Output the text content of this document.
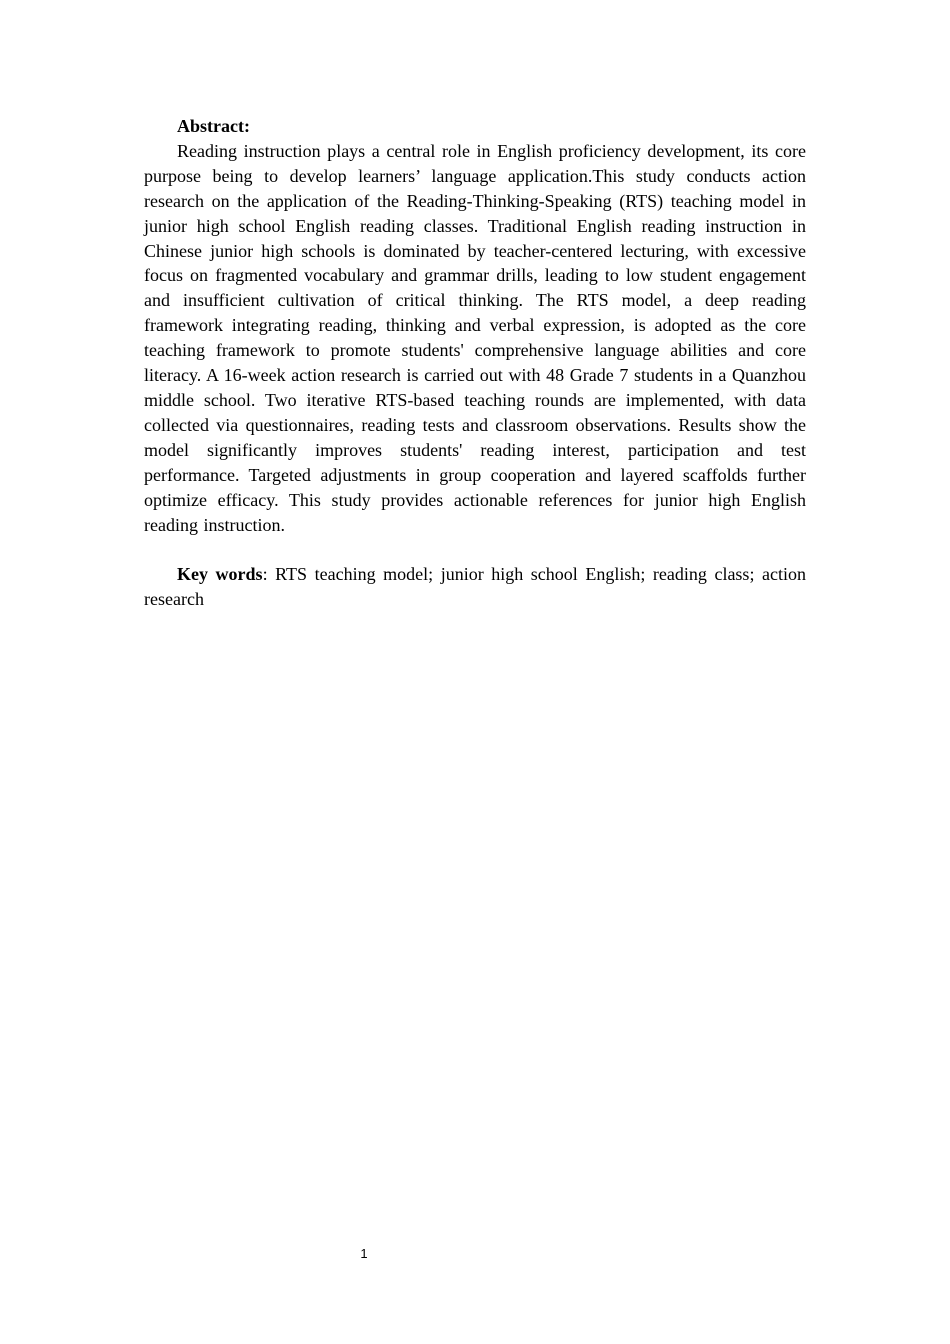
Abstract:

Reading instruction plays a central role in English proficiency development, its core purpose being to develop learners’ language application.This study conducts action research on the application of the Reading-Thinking-Speaking (RTS) teaching model in junior high school English reading classes. Traditional English reading instruction in Chinese junior high schools is dominated by teacher-centered lecturing, with excessive focus on fragmented vocabulary and grammar drills, leading to low student engagement and insufficient cultivation of critical thinking. The RTS model, a deep reading framework integrating reading, thinking and verbal expression, is adopted as the core teaching framework to promote students' comprehensive language abilities and core literacy. A 16-week action research is carried out with 48 Grade 7 students in a Quanzhou middle school. Two iterative RTS-based teaching rounds are implemented, with data collected via questionnaires, reading tests and classroom observations. Results show the model significantly improves students' reading interest, participation and test performance. Targeted adjustments in group cooperation and layered scaffolds further optimize efficacy. This study provides actionable references for junior high English reading instruction.

Key words: RTS teaching model; junior high school English; reading class; action research

1
